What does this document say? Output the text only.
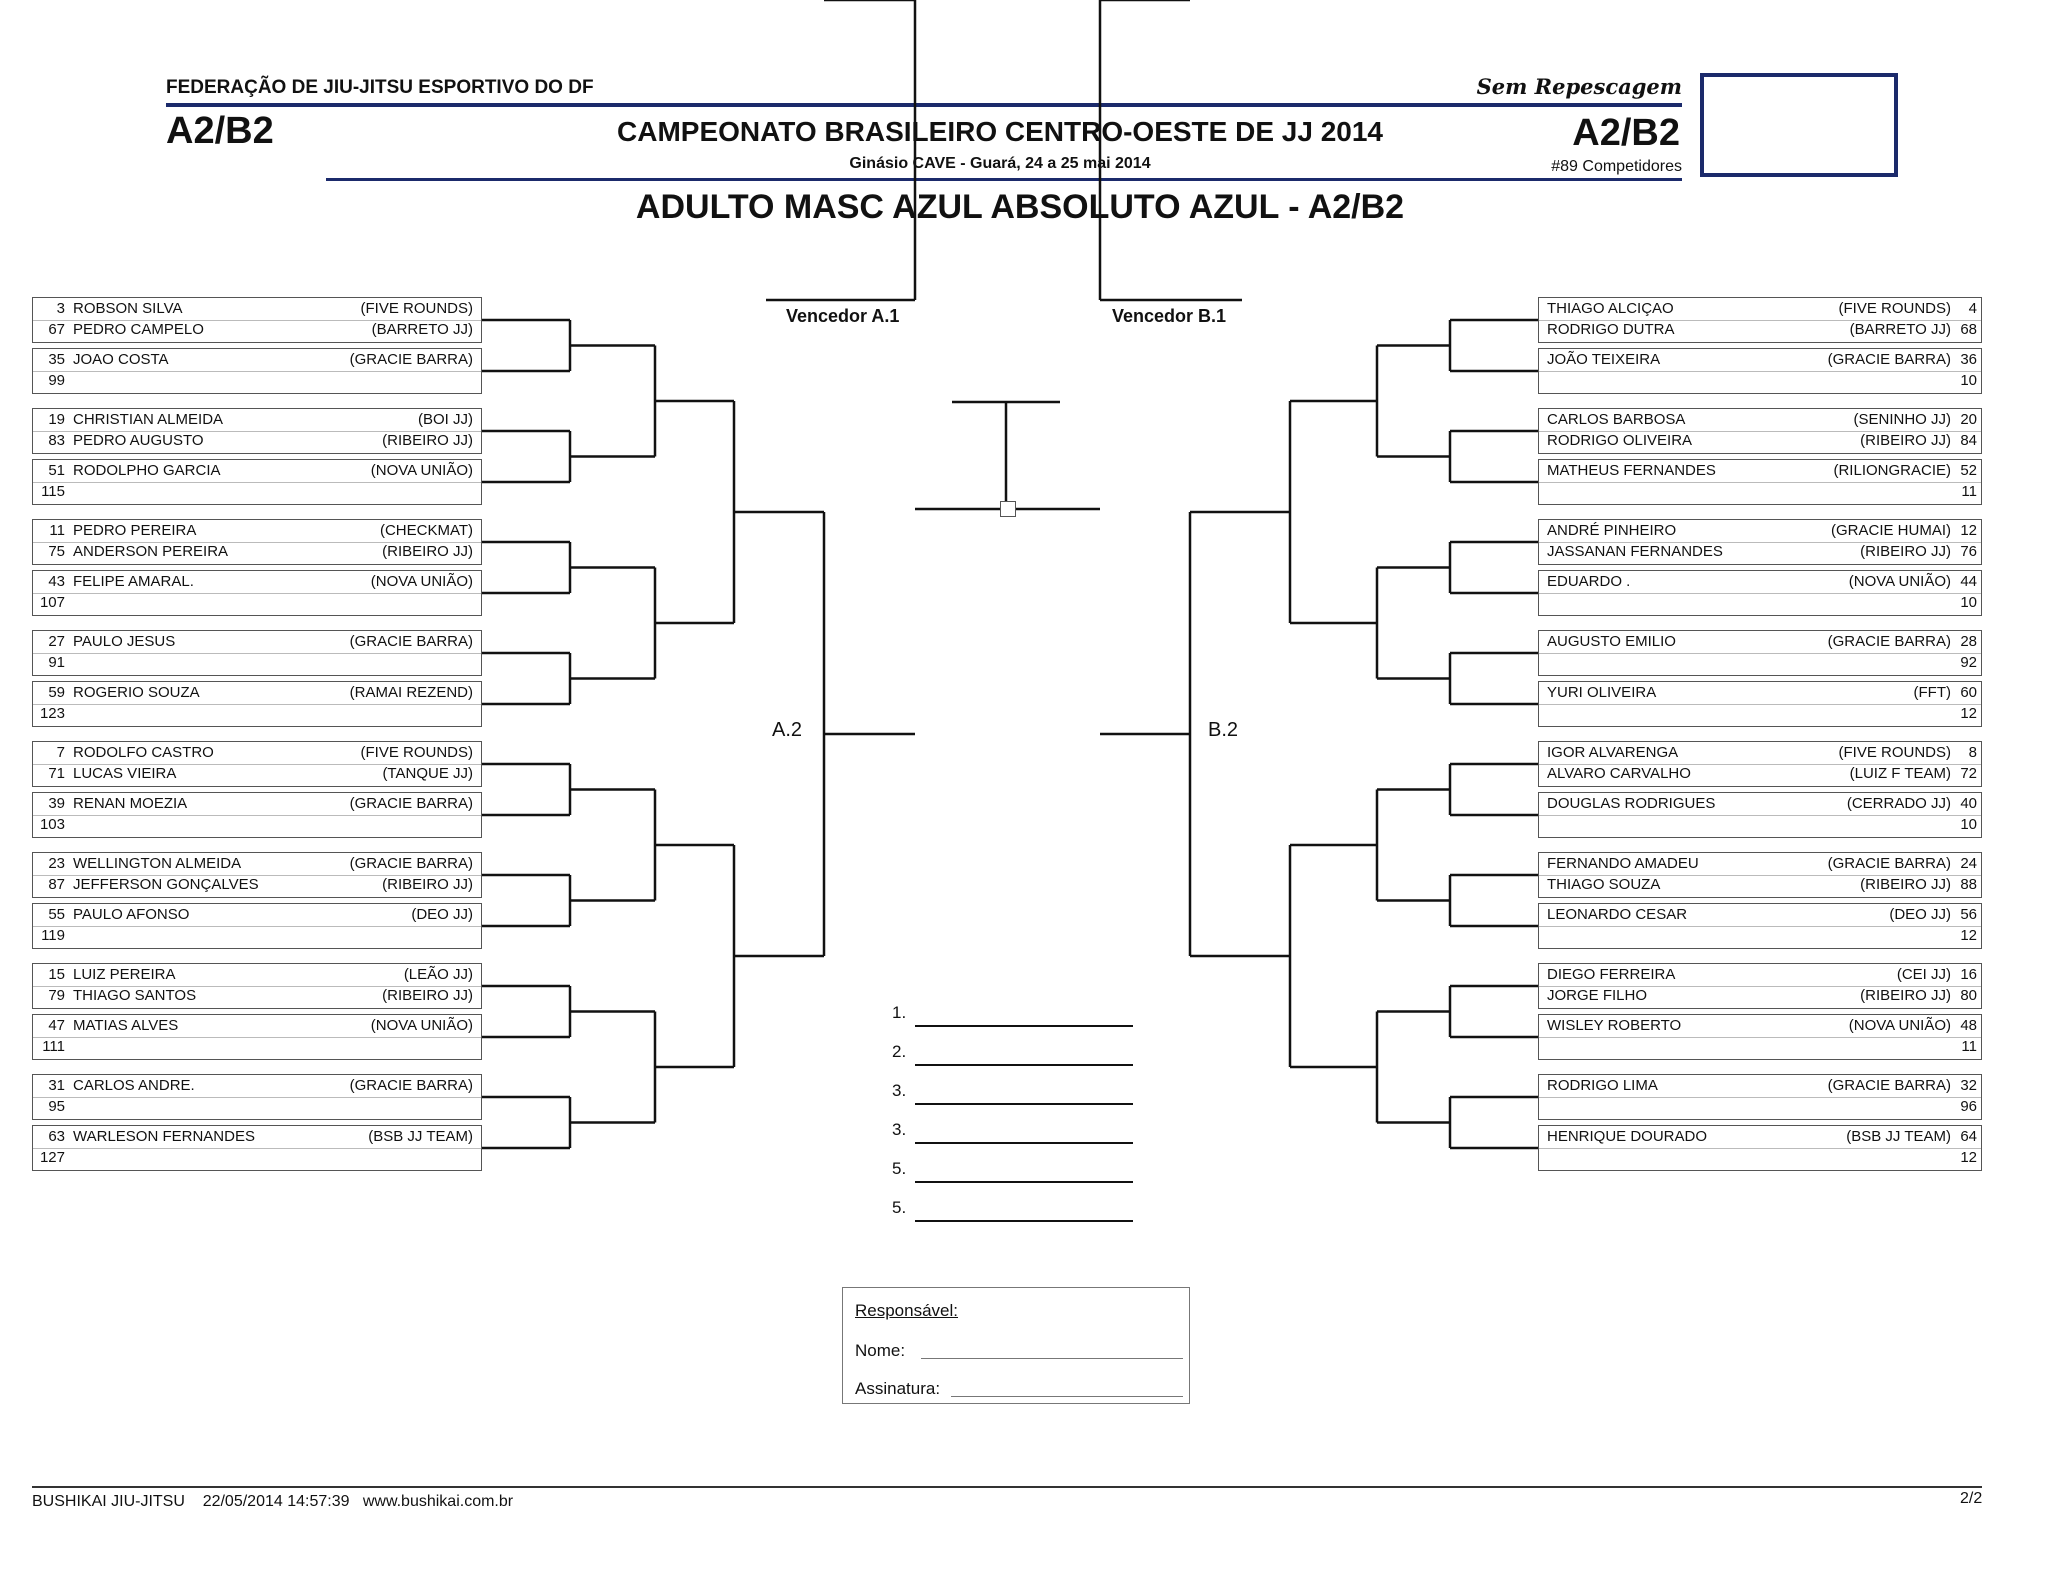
FEDERAÇÃO DE JIU-JITSU ESPORTIVO DO DF	Sem Repescagem
A2/B2	CAMPEONATO BRASILEIRO CENTRO-OESTE DE JJ 2014
Ginásio CAVE - Guará, 24 a 25 mai 2014
A2/B2
#89 Competidores
ADULTO MASC AZUL ABSOLUTO AZUL - A2/B2
3 ROBSON SILVA	(FIVE ROUNDS)
67 PEDRO CAMPELO	(BARRETO JJ)
35 JOAO COSTA	(GRACIE BARRA)
99
19 CHRISTIAN ALMEIDA	(BOI JJ)
83 PEDRO AUGUSTO	(RIBEIRO JJ)
51 RODOLPHO GARCIA	(NOVA UNIÃO)
115
11 PEDRO PEREIRA	(CHECKMAT)
75 ANDERSON PEREIRA	(RIBEIRO JJ)
43 FELIPE AMARAL.	(NOVA UNIÃO)
107
27 PAULO JESUS	(GRACIE BARRA)
91
59 ROGERIO SOUZA	(RAMAI REZEND)
123
7 RODOLFO CASTRO	(FIVE ROUNDS)
71 LUCAS VIEIRA	(TANQUE JJ)
39 RENAN MOEZIA	(GRACIE BARRA)
103
23 WELLINGTON ALMEIDA	(GRACIE BARRA)
87 JEFFERSON GONÇALVES	(RIBEIRO JJ)
55 PAULO AFONSO	(DEO JJ)
119
15 LUIZ PEREIRA	(LEÃO JJ)
79 THIAGO SANTOS	(RIBEIRO JJ)
47 MATIAS ALVES	(NOVA UNIÃO)
111
31 CARLOS ANDRE.	(GRACIE BARRA)
95
63 WARLESON FERNANDES	(BSB JJ TEAM)
127
4
THIAGO ALCIÇAO	(FIVE ROUNDS)
68
RODRIGO DUTRA	(BARRETO JJ)
36
JOÃO TEIXEIRA	(GRACIE BARRA)
10
20
CARLOS BARBOSA	(SENINHO JJ)
84
RODRIGO OLIVEIRA	(RIBEIRO JJ)
52
MATHEUS FERNANDES	(RILIONGRACIE)
11
12
ANDRÉ PINHEIRO	(GRACIE HUMAI)
76
JASSANAN FERNANDES	(RIBEIRO JJ)
44
EDUARDO .	(NOVA UNIÃO)
10
28
AUGUSTO EMILIO	(GRACIE BARRA)
92
60
YURI OLIVEIRA	(FFT)
12
8
IGOR ALVARENGA	(FIVE ROUNDS)
72
ALVARO CARVALHO	(LUIZ F TEAM)
40
DOUGLAS RODRIGUES	(CERRADO JJ)
10
24
FERNANDO AMADEU	(GRACIE BARRA)
88
THIAGO SOUZA	(RIBEIRO JJ)
56
LEONARDO CESAR	(DEO JJ)
12
16
DIEGO FERREIRA	(CEI JJ)
80
JORGE FILHO	(RIBEIRO JJ)
48
WISLEY ROBERTO	(NOVA UNIÃO)
11
32
RODRIGO LIMA	(GRACIE BARRA)
96
64
HENRIQUE DOURADO	(BSB JJ TEAM)
12
Vencedor A.1	Vencedor B.1
A.2	B.2
1.
2.
3.
3.
5.
5.
Responsável:
Nome:
Assinatura:
BUSHIKAI JIU-JITSU    22/05/2014 14:57:39   www.bushikai.com.br	2/2
